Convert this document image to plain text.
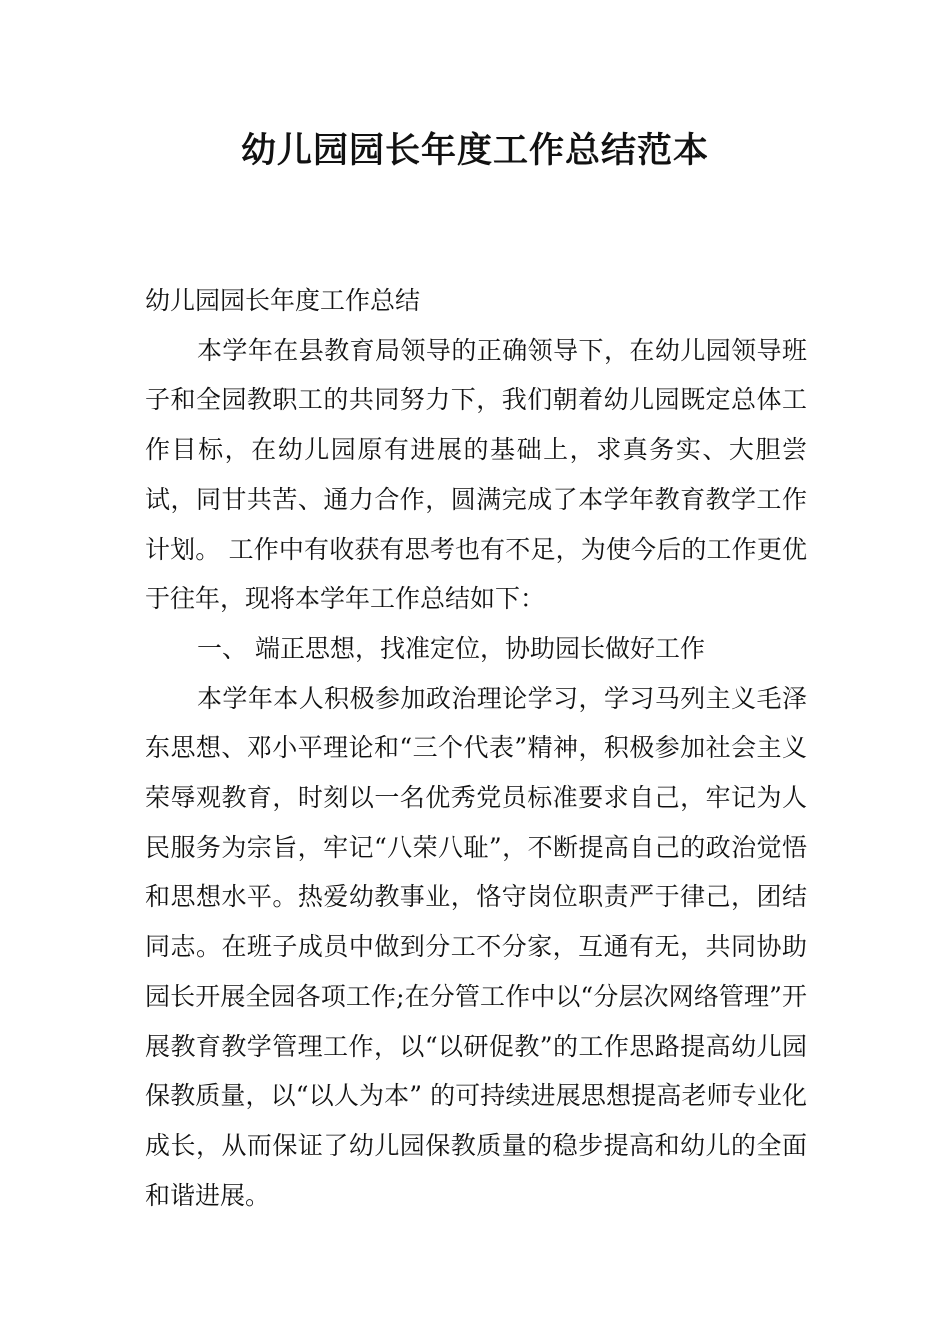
幼儿园园长年度工作总结范本

幼儿园园长年度工作总结

本学年在县教育局领导的正确领导下，在幼儿园领导班子和全园教职工的共同努力下，我们朝着幼儿园既定总体工作目标，在幼儿园原有进展的基础上，求真务实、大胆尝试，同甘共苦、通力合作，圆满完成了本学年教育教学工作计划。 工作中有收获有思考也有不足，为使今后的工作更优于往年，现将本学年工作总结如下：

一、 端正思想，找准定位，协助园长做好工作

本学年本人积极参加政治理论学习，学习马列主义毛泽东思想、邓小平理论和“三个代表”精神，积极参加社会主义荣辱观教育，时刻以一名优秀党员标准要求自己，牢记为人民服务为宗旨，牢记“八荣八耻”，不断提高自己的政治觉悟和思想水平。热爱幼教事业，恪守岗位职责严于律己，团结同志。在班子成员中做到分工不分家，互通有无，共同协助园长开展全园各项工作;在分管工作中以“分层次网络管理”开展教育教学管理工作，以“以研促教”的工作思路提高幼儿园保教质量，以“以人为本” 的可持续进展思想提高老师专业化成长，从而保证了幼儿园保教质量的稳步提高和幼儿的全面和谐进展。
